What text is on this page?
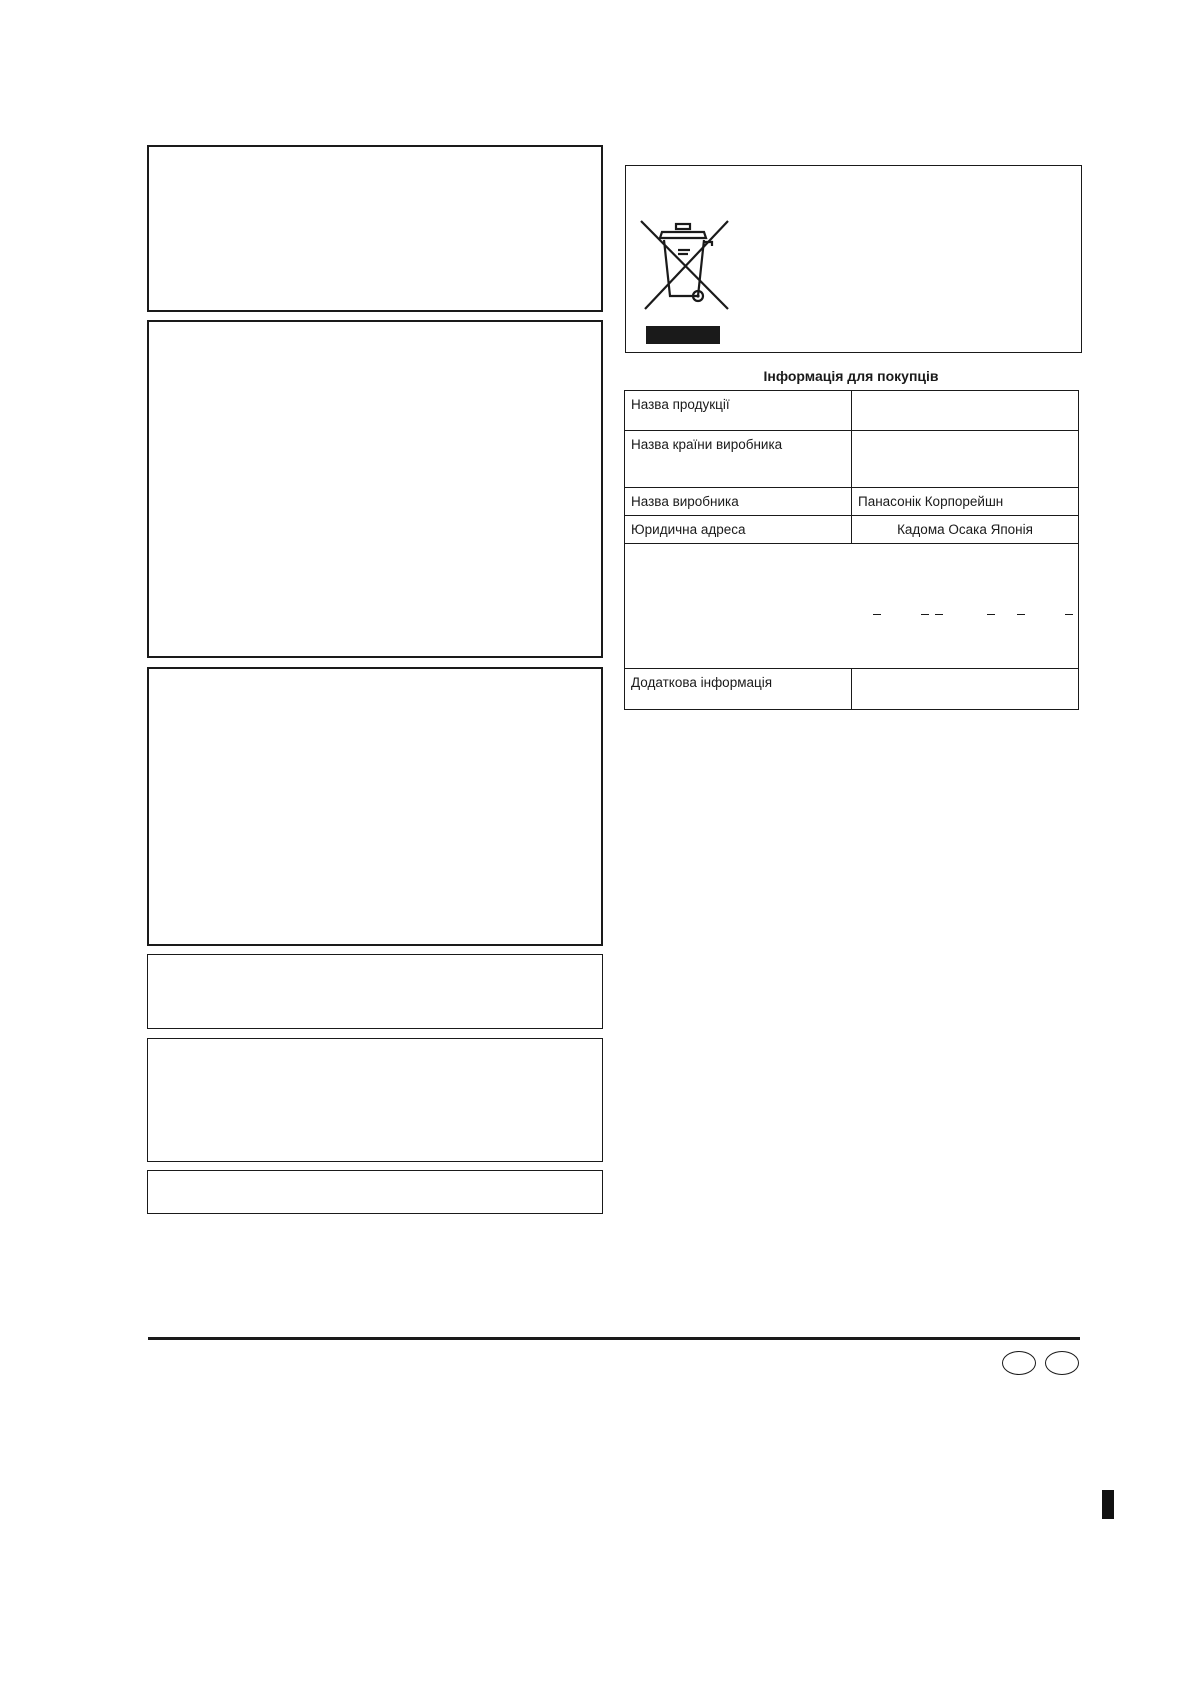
Інформація для покупців
Назва продукції	
Назва країни виробника	
Назва виробника	Панасонік Корпорейшн
Юридична адреса	Кадома Осака Японія

Додаткова інформація	
